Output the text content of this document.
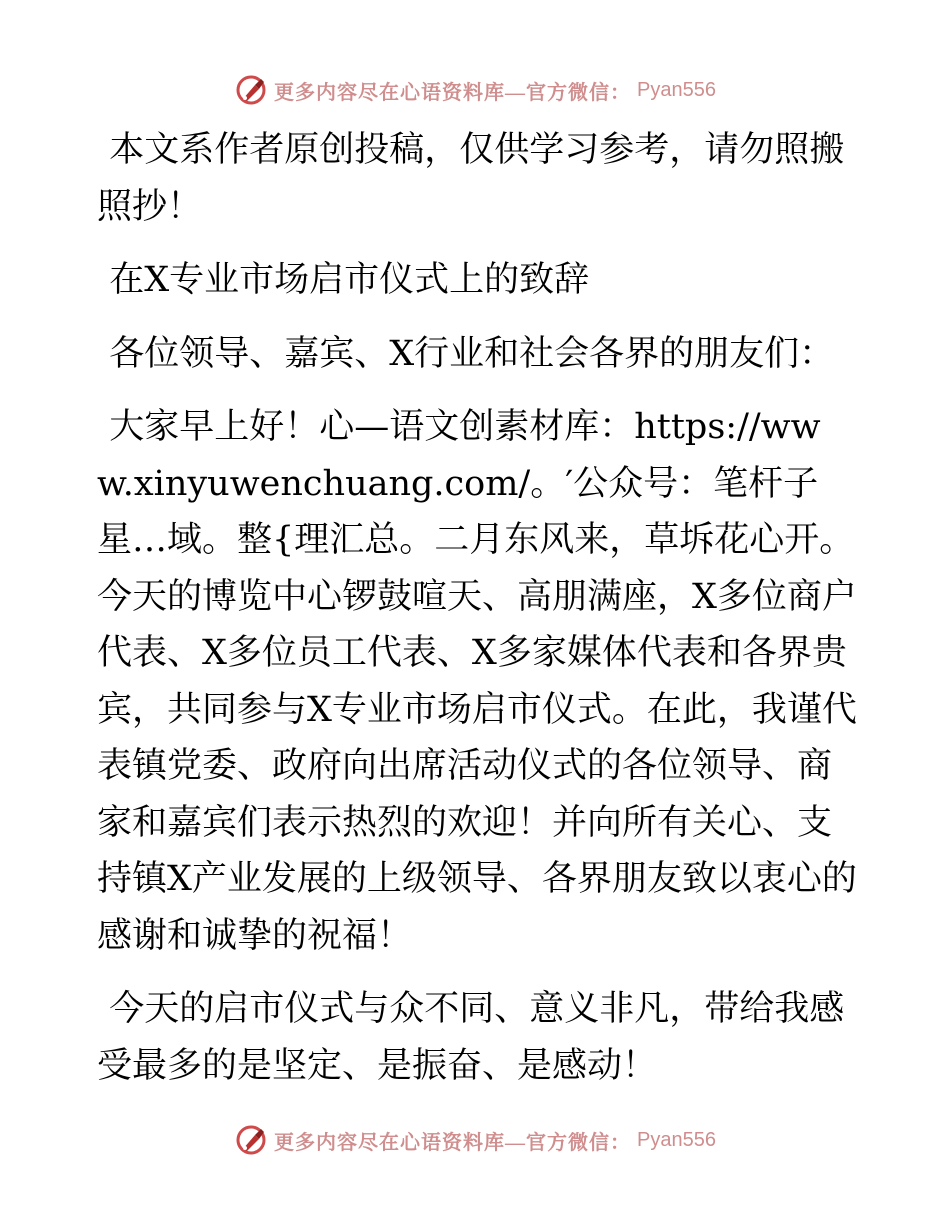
更多内容尽在心语资料库—官方微信： Pyan556

本文系作者原创投稿，仅供学习参考，请勿照搬照抄！

在X专业市场启市仪式上的致辞

各位领导、嘉宾、X行业和社会各界的朋友们：

大家早上好！心—语文创素材库：https://www.xinyuwenchuang.com/。′公众号：笔杆子星…域。整{理汇总。二月东风来，草坼花心开。今天的博览中心锣鼓喧天、高朋满座，X多位商户代表、X多位员工代表、X多家媒体代表和各界贵宾，共同参与X专业市场启市仪式。在此，我谨代表镇党委、政府向出席活动仪式的各位领导、商家和嘉宾们表示热烈的欢迎！并向所有关心、支持镇X产业发展的上级领导、各界朋友致以衷心的感谢和诚挚的祝福！

今天的启市仪式与众不同、意义非凡，带给我感受最多的是坚定、是振奋、是感动！

更多内容尽在心语资料库—官方微信： Pyan556
